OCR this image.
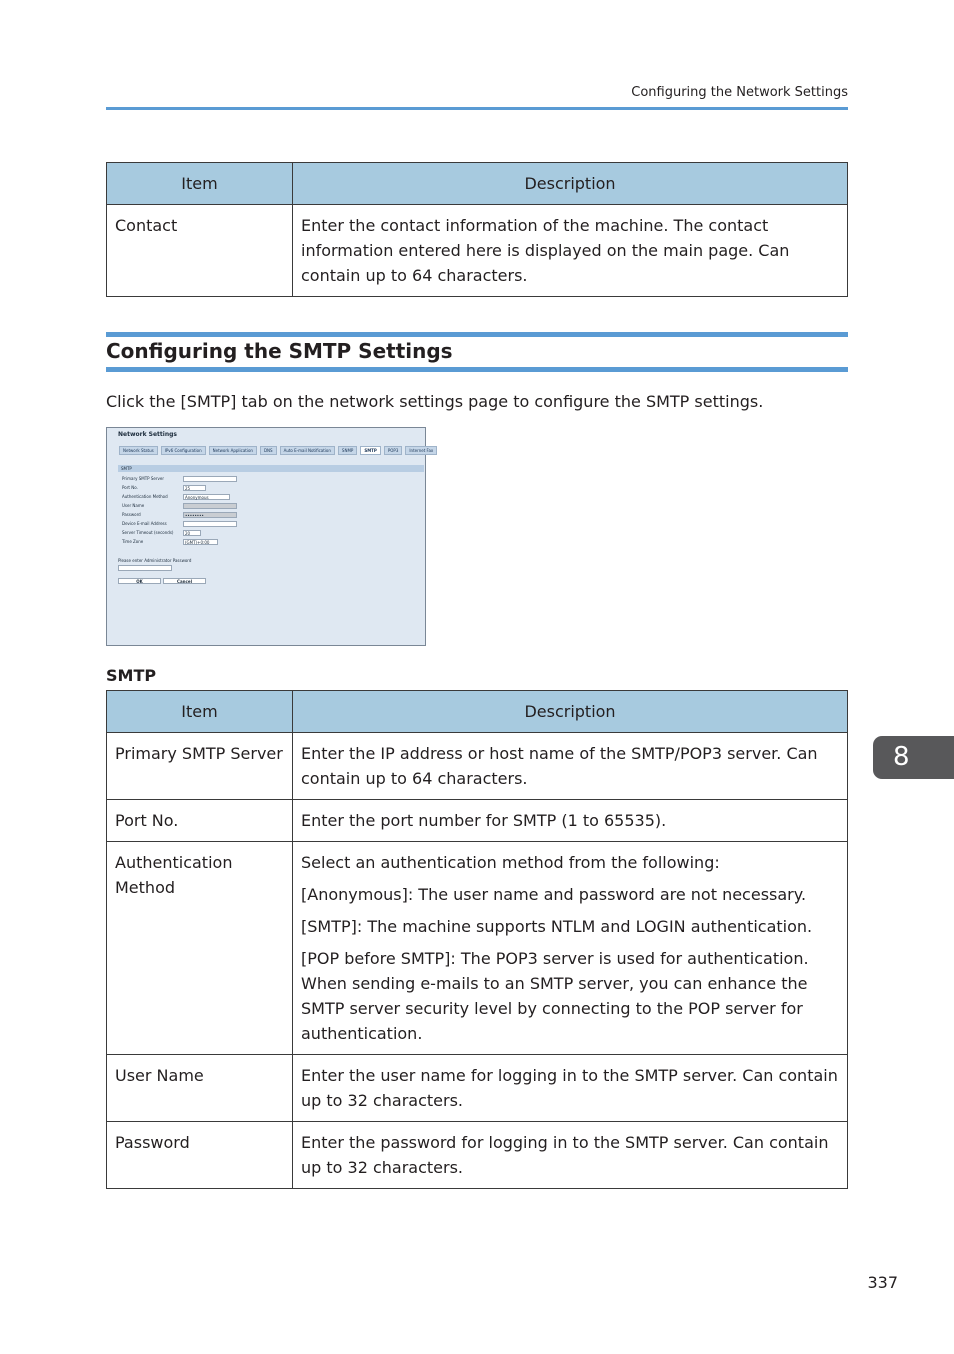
Configuring the Network Settings
Item	Description
Contact	Enter the contact information of the machine. The contact information entered here is displayed on the main page. Can contain up to 64 characters.

Configuring the SMTP Settings

Click the [SMTP] tab on the network settings page to configure the SMTP settings.

Network Settings
Network Status	IPv6 Configuration	Network Application	DNS	Auto E-mail Notification	SNMP	SMTP	POP3	Internet Fax
SMTP
Primary SMTP Server
Port No.	25
Authentication Method	Anonymous
User Name
Password	••••••••
Device E-mail Address
Server Timeout (seconds)	20
Time Zone	(GMT)+0:00
Please enter Administrator Password
OK	Cancel
SMTP
Item	Description
Primary SMTP Server	Enter the IP address or host name of the SMTP/POP3 server. Can contain up to 64 characters.

Port No.	Enter the port number for SMTP (1 to 65535).

Authentication Method	Select an authentication method from the following:

[Anonymous]: The user name and password are not necessary.

[SMTP]: The machine supports NTLM and LOGIN authentication.

[POP before SMTP]: The POP3 server is used for authentication. When sending e-mails to an SMTP server, you can enhance the SMTP server security level by connecting to the POP server for authentication.

User Name	Enter the user name for logging in to the SMTP server. Can contain up to 32 characters.

Password	Enter the password for logging in to the SMTP server. Can contain up to 32 characters.

8
337
